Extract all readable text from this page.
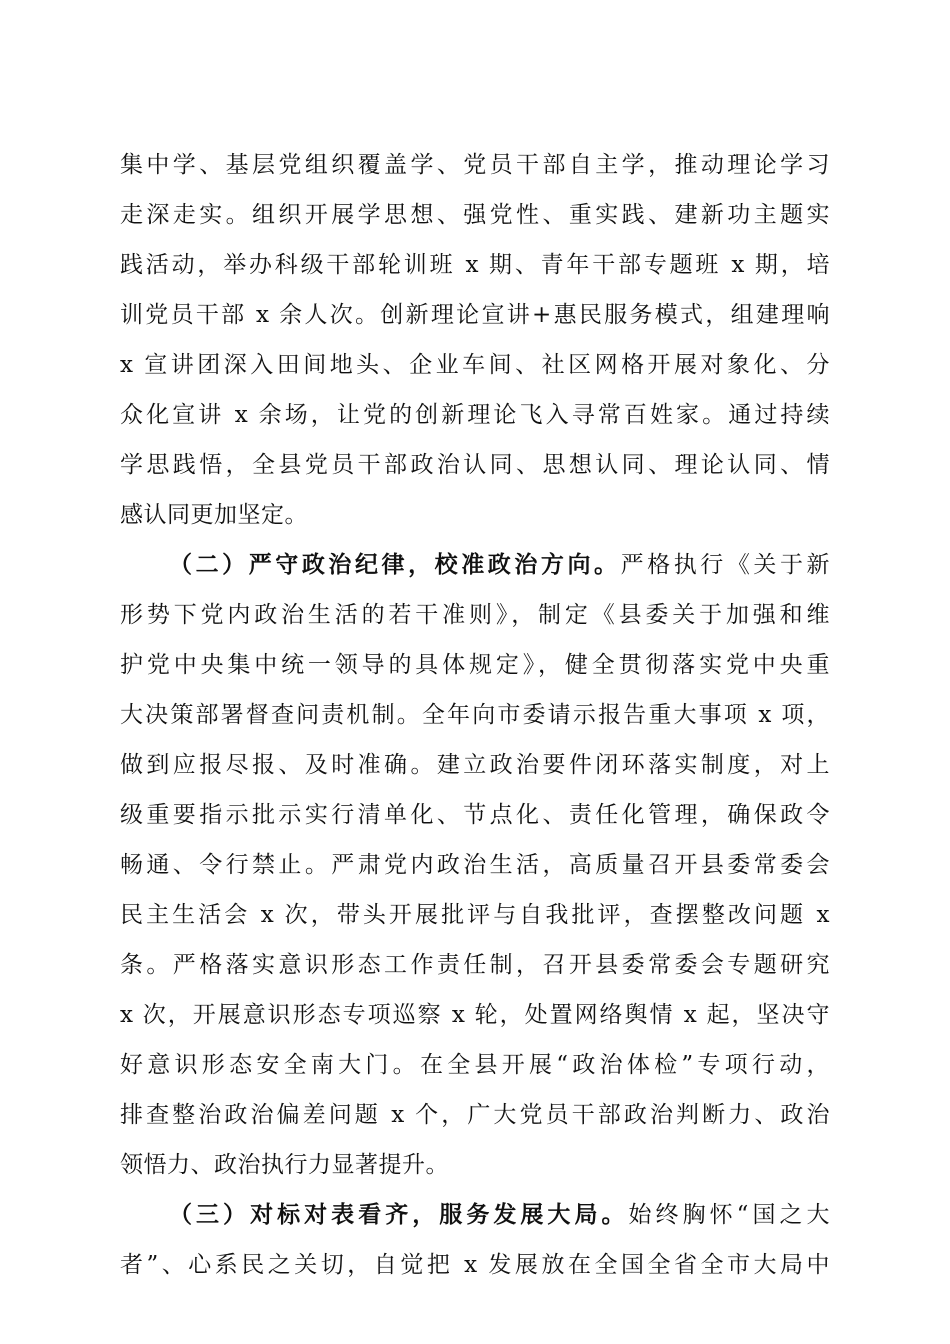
集中学、基层党组织覆盖学、党员干部自主学，推动理论学习
走深走实。组织开展学思想、强党性、重实践、建新功主题实
践活动，举办科级干部轮训班 x 期、青年干部专题班 x 期，培
训党员干部 x 余人次。创新理论宣讲+惠民服务模式，组建理响
x 宣讲团深入田间地头、企业车间、社区网格开展对象化、分
众化宣讲 x 余场，让党的创新理论飞入寻常百姓家。通过持续
学思践悟，全县党员干部政治认同、思想认同、理论认同、情
感认同更加坚定。
（二）严守政治纪律，校准政治方向。严格执行《关于新
形势下党内政治生活的若干准则》，制定《县委关于加强和维
护党中央集中统一领导的具体规定》，健全贯彻落实党中央重
大决策部署督查问责机制。全年向市委请示报告重大事项 x 项，
做到应报尽报、及时准确。建立政治要件闭环落实制度，对上
级重要指示批示实行清单化、节点化、责任化管理，确保政令
畅通、令行禁止。严肃党内政治生活，高质量召开县委常委会
民主生活会 x 次，带头开展批评与自我批评，查摆整改问题 x
条。严格落实意识形态工作责任制，召开县委常委会专题研究
x 次，开展意识形态专项巡察 x 轮，处置网络舆情 x 起，坚决守
好意识形态安全南大门。在全县开展“政治体检”专项行动，
排查整治政治偏差问题 x 个，广大党员干部政治判断力、政治
领悟力、政治执行力显著提升。
（三）对标对表看齐，服务发展大局。始终胸怀“国之大
者”、心系民之关切，自觉把 x 发展放在全国全省全市大局中
